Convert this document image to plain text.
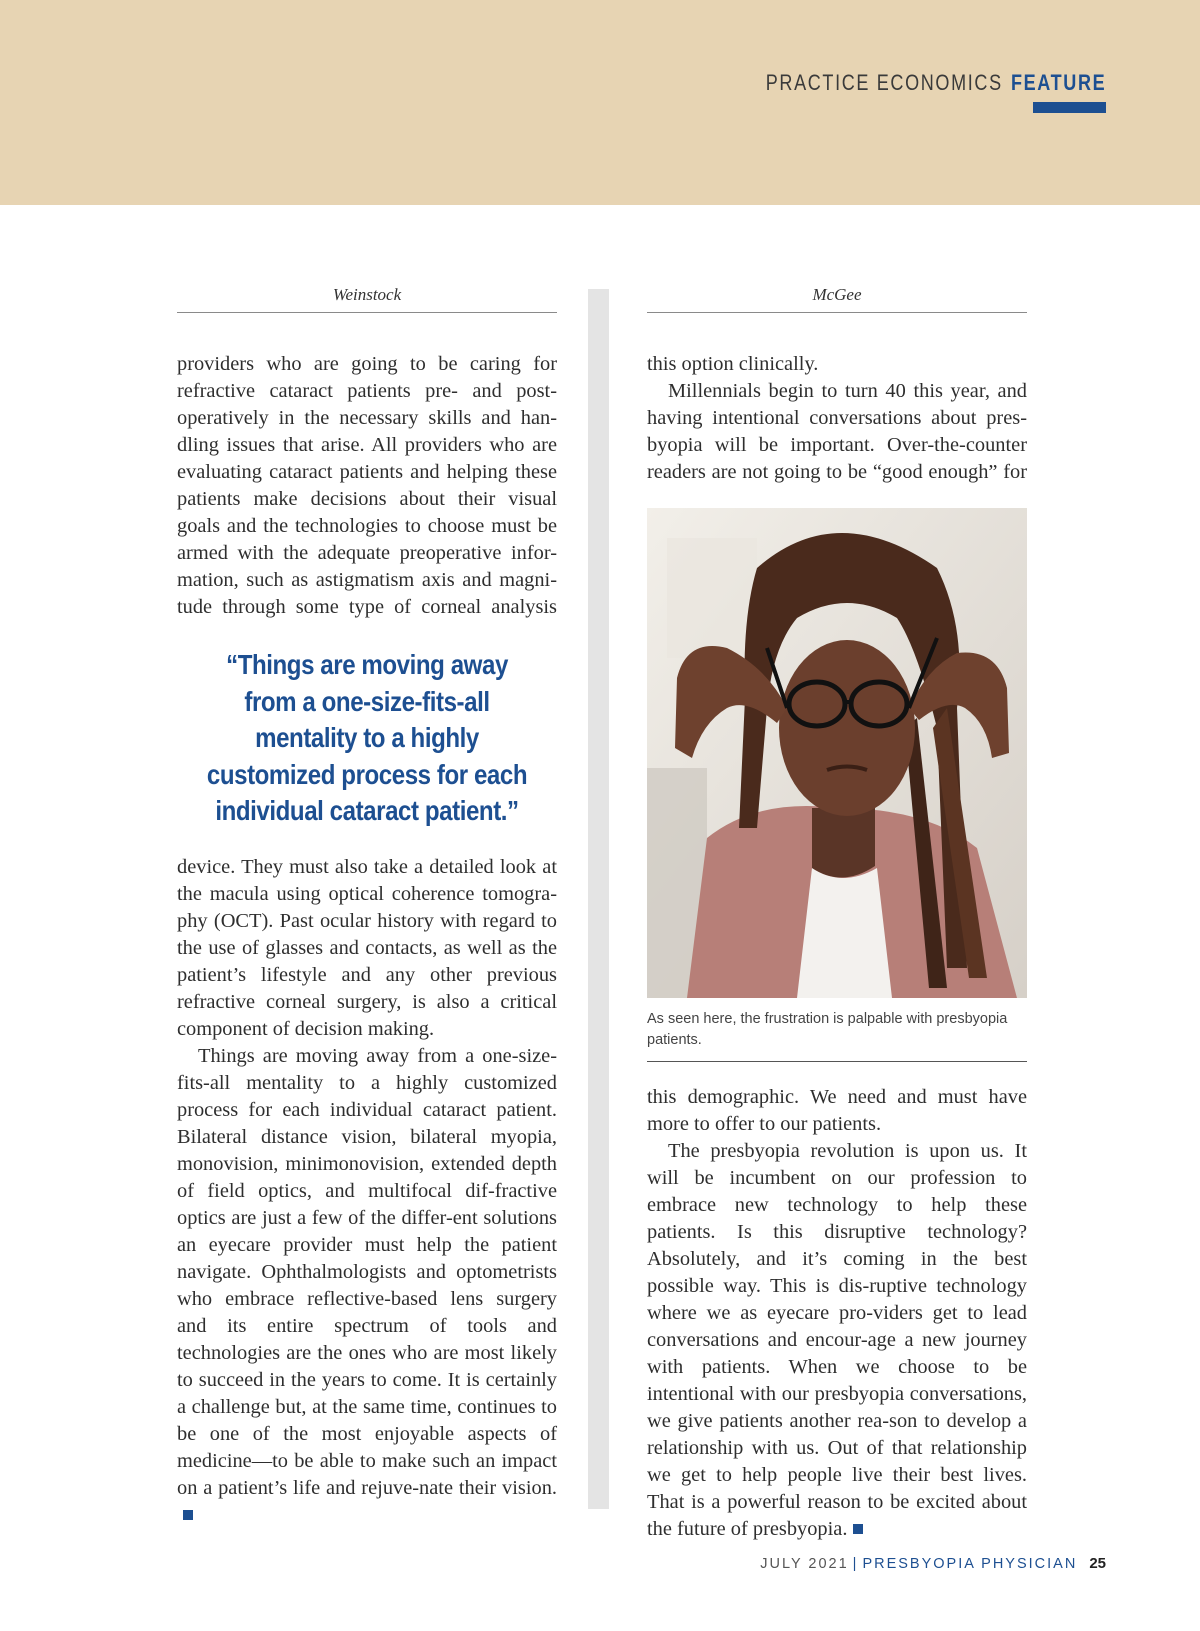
PRACTICE ECONOMICS FEATURE
Weinstock

providers who are going to be caring for refractive cataract patients pre- and post-operatively in the necessary skills and han-dling issues that arise. All providers who are evaluating cataract patients and helping these patients make decisions about their visual goals and the technologies to choose must be armed with the adequate preoperative infor-mation, such as astigmatism axis and magni-tude through some type of corneal analysis

“Things are moving away from a one-size-fits-all mentality to a highly customized process for each individual cataract patient.”

device. They must also take a detailed look at the macula using optical coherence tomogra-phy (OCT). Past ocular history with regard to the use of glasses and contacts, as well as the patient’s lifestyle and any other previous refractive corneal surgery, is also a critical component of decision making.

Things are moving away from a one-size-fits-all mentality to a highly customized process for each individual cataract patient. Bilateral distance vision, bilateral myopia, monovision, minimonovision, extended depth of field optics, and multifocal dif-fractive optics are just a few of the differ-ent solutions an eyecare provider must help the patient navigate. Ophthalmologists and optometrists who embrace reflective-based lens surgery and its entire spectrum of tools and technologies are the ones who are most likely to succeed in the years to come. It is certainly a challenge but, at the same time, continues to be one of the most enjoyable aspects of medicine—to be able to make such an impact on a patient’s life and rejuve-nate their vision.

McGee

this option clinically.

Millennials begin to turn 40 this year, and having intentional conversations about pres-byopia will be important. Over-the-counter readers are not going to be “good enough” for

As seen here, the frustration is palpable with presbyopia patients.

this demographic. We need and must have more to offer to our patients.

The presbyopia revolution is upon us. It will be incumbent on our profession to embrace new technology to help these patients. Is this disruptive technology? Absolutely, and it’s coming in the best possible way. This is dis-ruptive technology where we as eyecare pro-viders get to lead conversations and encour-age a new journey with patients. When we choose to be intentional with our presbyopia conversations, we give patients another rea-son to develop a relationship with us. Out of that relationship we get to help people live their best lives. That is a powerful reason to be excited about the future of presbyopia.

JULY 2021 | PRESBYOPIA PHYSICIAN 25
